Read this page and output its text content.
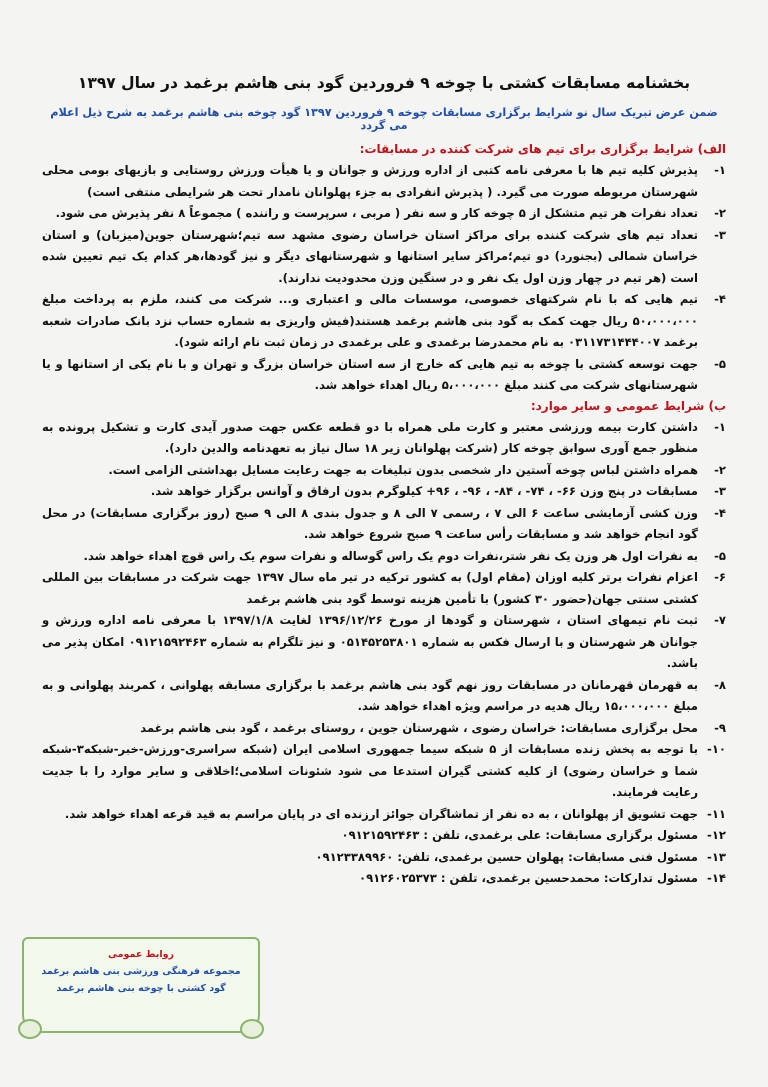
بخشنامه مسابقات کشتی با چوخه ۹ فروردین گود بنی هاشم برغمد در سال ۱۳۹۷

ضمن عرض تبریک سال نو شرایط برگزاری مسابقات چوخه ۹ فروردین ۱۳۹۷ گود چوخه بنی هاشم برغمد به شرح ذیل اعلام می گردد

الف) شرایط برگزاری برای تیم های شرکت کننده در مسابقات:
۱-
پذیرش کلیه تیم ها با معرفی نامه کتبی از اداره ورزش و جوانان و یا هیأت ورزش روستایی و بازیهای بومی محلی شهرستان مربوطه صورت می گیرد. ( پذیرش انفرادی به جزء پهلوانان نامدار تحت هر شرایطی منتفی است)
۲-
تعداد نفرات هر تیم متشکل از ۵ چوخه کار و سه نفر ( مربی ، سرپرست و راننده ) مجموعاً ۸ نفر پذیرش می شود.
۳-
تعداد تیم های شرکت کننده برای مراکز استان خراسان رضوی مشهد سه تیم؛شهرستان جوین(میزبان) و استان خراسان شمالی (بجنورد) دو تیم؛مراکز سایر استانها و شهرستانهای دیگر و نیز گودها،هر کدام یک تیم تعیین شده است (هر تیم در چهار وزن اول یک نفر و در سنگین وزن محدودیت ندارند).
۴-
تیم هایی که با نام شرکتهای خصوصی، موسسات مالی و اعتباری و... شرکت می کنند، ملزم به پرداخت مبلغ ۵۰،۰۰۰،۰۰۰ ریال جهت کمک به گود بنی هاشم برغمد هستند(فیش واریزی به شماره حساب نزد بانک صادرات شعبه برغمد ۰۳۱۱۷۳۱۴۴۴۰۰۷ به نام محمدرضا برغمدی و علی برغمدی در زمان ثبت نام ارائه شود).
۵-
جهت توسعه کشتی با چوخه به تیم هایی که خارج از سه استان خراسان بزرگ و تهران و با نام یکی از استانها و یا شهرستانهای شرکت می کنند مبلغ ۵،۰۰۰،۰۰۰ ریال اهداء خواهد شد.
ب) شرایط عمومی و سایر موارد:
۱-
داشتن کارت بیمه ورزشی معتبر و کارت ملی همراه با دو قطعه عکس جهت صدور آیدی کارت و تشکیل پرونده به منظور جمع آوری سوابق چوخه کار (شرکت پهلوانان زیر ۱۸ سال نیاز به تعهدنامه والدین دارد).
۲-
همراه داشتن لباس چوخه آستین دار شخصی بدون تبلیغات به جهت رعایت مسایل بهداشتی الزامی است.
۳-
مسابقات در پنج وزن ۶۶- ، ۷۴- ، ۸۴- ، ۹۶- ، ۹۶+ کیلوگرم بدون ارفاق و آوانس برگزار خواهد شد.
۴-
وزن کشی آزمایشی ساعت ۶ الی ۷ ، رسمی ۷ الی ۸ و جدول بندی ۸ الی ۹ صبح (روز برگزاری مسابقات) در محل گود انجام خواهد شد و مسابقات رأس ساعت ۹ صبح شروع خواهد شد.
۵-
به نفرات اول هر وزن یک نفر شتر،نفرات دوم یک راس گوساله و نفرات سوم یک راس قوچ اهداء خواهد شد.
۶-
اعزام نفرات برتر کلیه اوزان (مقام اول) به کشور ترکیه در تیر ماه سال ۱۳۹۷ جهت شرکت در مسابقات بین المللی کشتی سنتی جهان(حضور ۳۰ کشور) با تأمین هزینه توسط گود بنی هاشم برغمد
۷-
ثبت نام تیمهای استان ، شهرستان و گودها از مورخ ۱۳۹۶/۱۲/۲۶ لغایت ۱۳۹۷/۱/۸ با معرفی نامه اداره ورزش و جوانان هر شهرستان و با ارسال فکس به شماره ۰۵۱۴۵۲۵۳۸۰۱ و نیز تلگرام به شماره ۰۹۱۲۱۵۹۲۴۶۳ امکان پذیر می باشد.
۸-
به قهرمان قهرمانان در مسابقات روز نهم گود بنی هاشم برغمد با برگزاری مسابقه پهلوانی ، کمربند پهلوانی و به مبلغ ۱۵،۰۰۰،۰۰۰ ریال هدیه در مراسم ویژه اهداء خواهد شد.
۹-
محل برگزاری مسابقات: خراسان رضوی ، شهرستان جوین ، روستای برغمد ، گود بنی هاشم برغمد
۱۰-
با توجه به پخش زنده مسابقات از ۵ شبکه سیما جمهوری اسلامی ایران (شبکه سراسری-ورزش-خبر-شبکه۳-شبکه شما و خراسان رضوی) از کلیه کشتی گیران استدعا می شود شئونات اسلامی؛اخلاقی و سایر موارد را با جدیت رعایت فرمایند.
۱۱-
جهت تشویق از پهلوانان ، به ده نفر از تماشاگران جوائز ارزنده ای در پایان مراسم به قید قرعه اهداء خواهد شد.
۱۲-
مسئول برگزاری مسابقات: علی برغمدی، تلفن : ۰۹۱۲۱۵۹۲۴۶۳
۱۳-
مسئول فنی مسابقات: پهلوان حسین برغمدی، تلفن: ۰۹۱۲۳۳۸۹۹۶۰
۱۴-
مسئول تدارکات: محمدحسین برغمدی، تلفن : ۰۹۱۲۶۰۲۵۳۷۳
روابط عمومی
مجموعه فرهنگی ورزشی بنی هاشم برغمد
گود کشتی با چوخه بنی هاشم برغمد
